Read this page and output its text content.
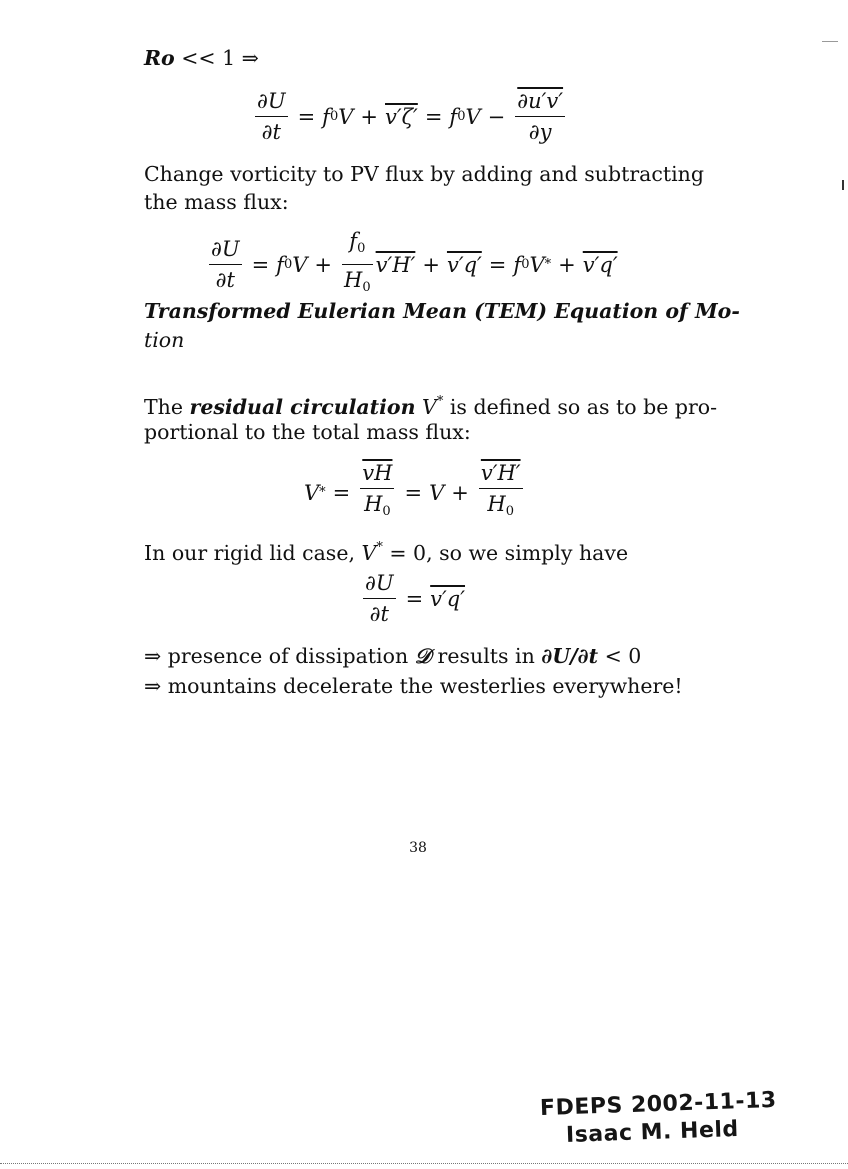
Ro << 1 ⇒
$\frac{\partial U}{\partial t} = f$ 0 V + v′ζ′ = f 0 $V - \frac{\partial u'v'}{\partial y}$
Change vorticity to PV flux by adding and subtracting
the mass flux:
$\frac{\partial U}{\partial t} = f$ 0 $V + \frac{f_0}{H_0} v'H' + v'q' = f$ 0 V * + v′q′
Transformed Eulerian Mean (TEM) Equation of Mo-
tion
The residual circulation V* is defined so as to be pro-
portional to the total mass flux:
V * = $\frac{\overline{vH}}{H_0} = V + \frac{v'H'}{H_0}$
In our rigid lid case, V* = 0, so we simply have
$\frac{\partial U}{\partial t} = v'q'$
⇒ presence of dissipation 𝒟 results in ∂U/∂t < 0
⇒ mountains decelerate the westerlies everywhere!
38
FDEPS 2002-11-13
Isaac M. Held
